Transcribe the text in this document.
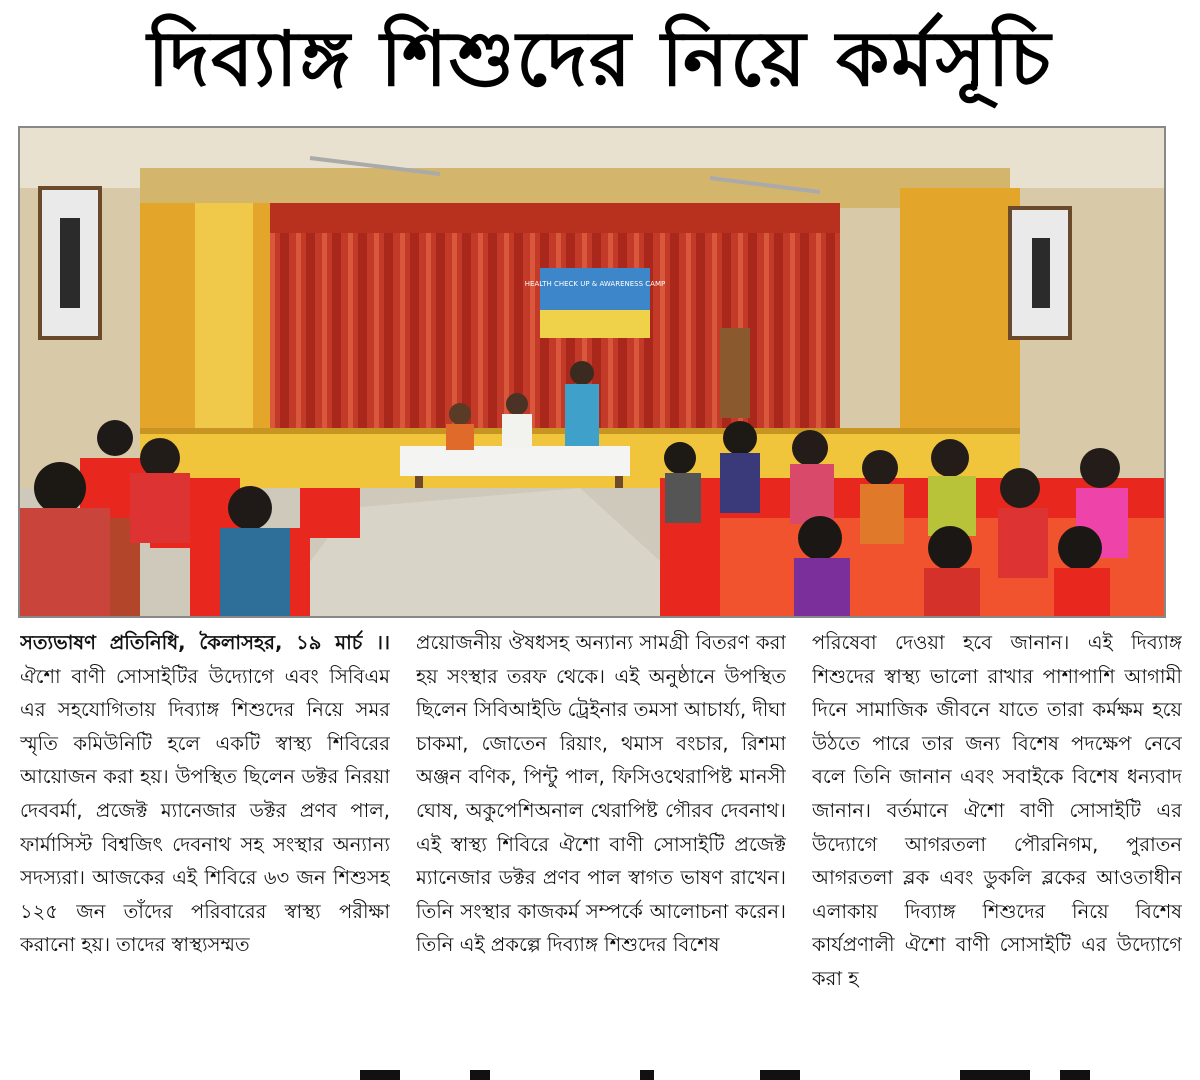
দিব্যাঙ্গ শিশুদের নিয়ে কর্মসূচি
HEALTH CHECK UP & AWARENESS CAMP
সত্যভাষণ প্রতিনিধি, কৈলাসহর, ১৯ মার্চ ।। ঐশো বাণী সোসাইটির উদ্যোগে এবং সিবিএম এর সহযোগিতায় দিব্যাঙ্গ শিশুদের নিয়ে সমর স্মৃতি কমিউনিটি হলে একটি স্বাস্থ্য শিবিরের আয়োজন করা হয়। উপস্থিত ছিলেন ডক্টর নিরয়া দেববর্মা, প্রজেক্ট ম্যানেজার ডক্টর প্রণব পাল, ফার্মাসিস্ট বিশ্বজিৎ দেবনাথ সহ সংস্থার অন্যান্য সদস্যরা। আজকের এই শিবিরে ৬৩ জন শিশুসহ ১২৫ জন তাঁদের পরিবারের স্বাস্থ্য পরীক্ষা করানো হয়। তাদের স্বাস্থ্যসম্মত
প্রয়োজনীয় ঔষধসহ অন্যান্য সামগ্রী বিতরণ করা হয় সংস্থার তরফ থেকে। এই অনুষ্ঠানে উপস্থিত ছিলেন সিবিআইডি ট্রেইনার তমসা আচার্য্য, দীঘা চাকমা, জোতেন রিয়াং, থমাস বংচার, রিশমা অঞ্জন বণিক, পিন্টু পাল, ফিসিওথেরাপিষ্ট মানসী ঘোষ, অকুপেশিঅনাল থেরাপিষ্ট গৌরব দেবনাথ। এই স্বাস্থ্য শিবিরে ঐশো বাণী সোসাইটি প্রজেক্ট ম্যানেজার ডক্টর প্রণব পাল স্বাগত ভাষণ রাখেন। তিনি সংস্থার কাজকর্ম সম্পর্কে আলোচনা করেন। তিনি এই প্রকল্পে দিব্যাঙ্গ শিশুদের বিশেষ
পরিষেবা দেওয়া হবে জানান। এই দিব্যাঙ্গ শিশুদের স্বাস্থ্য ভালো রাখার পাশাপাশি আগামী দিনে সামাজিক জীবনে যাতে তারা কর্মক্ষম হয়ে উঠতে পারে তার জন্য বিশেষ পদক্ষেপ নেবে বলে তিনি জানান এবং সবাইকে বিশেষ ধন্যবাদ জানান। বর্তমানে ঐশো বাণী সোসাইটি এর উদ্যোগে আগরতলা পৌরনিগম, পুরাতন আগরতলা ব্লক এবং ডুকলি ব্লকের আওতাধীন এলাকায় দিব্যাঙ্গ শিশুদের নিয়ে বিশেষ কার্যপ্রণালী ঐশো বাণী সোসাইটি এর উদ্যোগে করা হ
